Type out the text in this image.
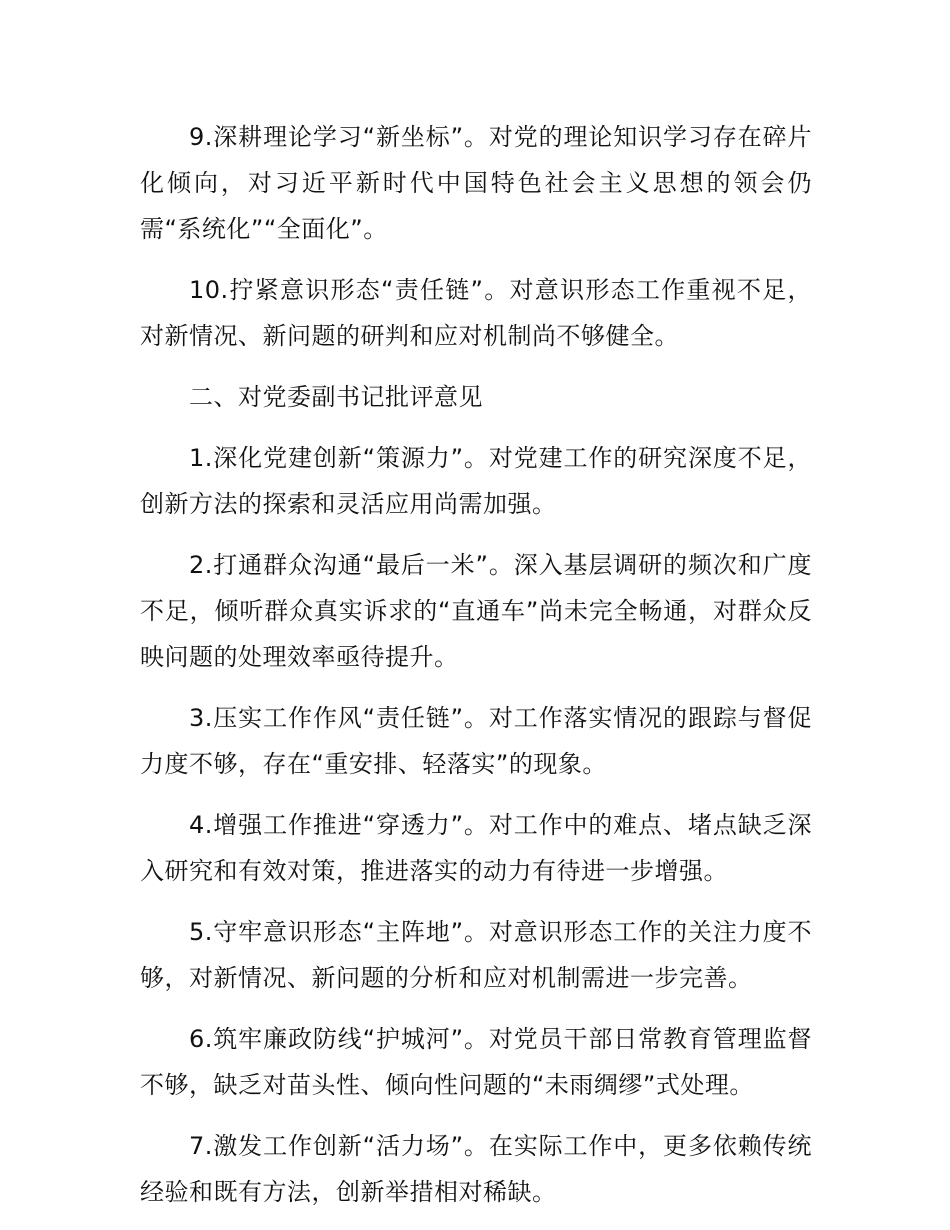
9.深耕理论学习“新坐标”。对党的理论知识学习存在碎片化倾向，对习近平新时代中国特色社会主义思想的领会仍需“系统化”“全面化”。

10.拧紧意识形态“责任链”。对意识形态工作重视不足，对新情况、新问题的研判和应对机制尚不够健全。

二、对党委副书记批评意见

1.深化党建创新“策源力”。对党建工作的研究深度不足，创新方法的探索和灵活应用尚需加强。

2.打通群众沟通“最后一米”。深入基层调研的频次和广度不足，倾听群众真实诉求的“直通车”尚未完全畅通，对群众反映问题的处理效率亟待提升。

3.压实工作作风“责任链”。对工作落实情况的跟踪与督促力度不够，存在“重安排、轻落实”的现象。

4.增强工作推进“穿透力”。对工作中的难点、堵点缺乏深入研究和有效对策，推进落实的动力有待进一步增强。

5.守牢意识形态“主阵地”。对意识形态工作的关注力度不够，对新情况、新问题的分析和应对机制需进一步完善。

6.筑牢廉政防线“护城河”。对党员干部日常教育管理监督不够，缺乏对苗头性、倾向性问题的“未雨绸缪”式处理。

7.激发工作创新“活力场”。在实际工作中，更多依赖传统经验和既有方法，创新举措相对稀缺。
